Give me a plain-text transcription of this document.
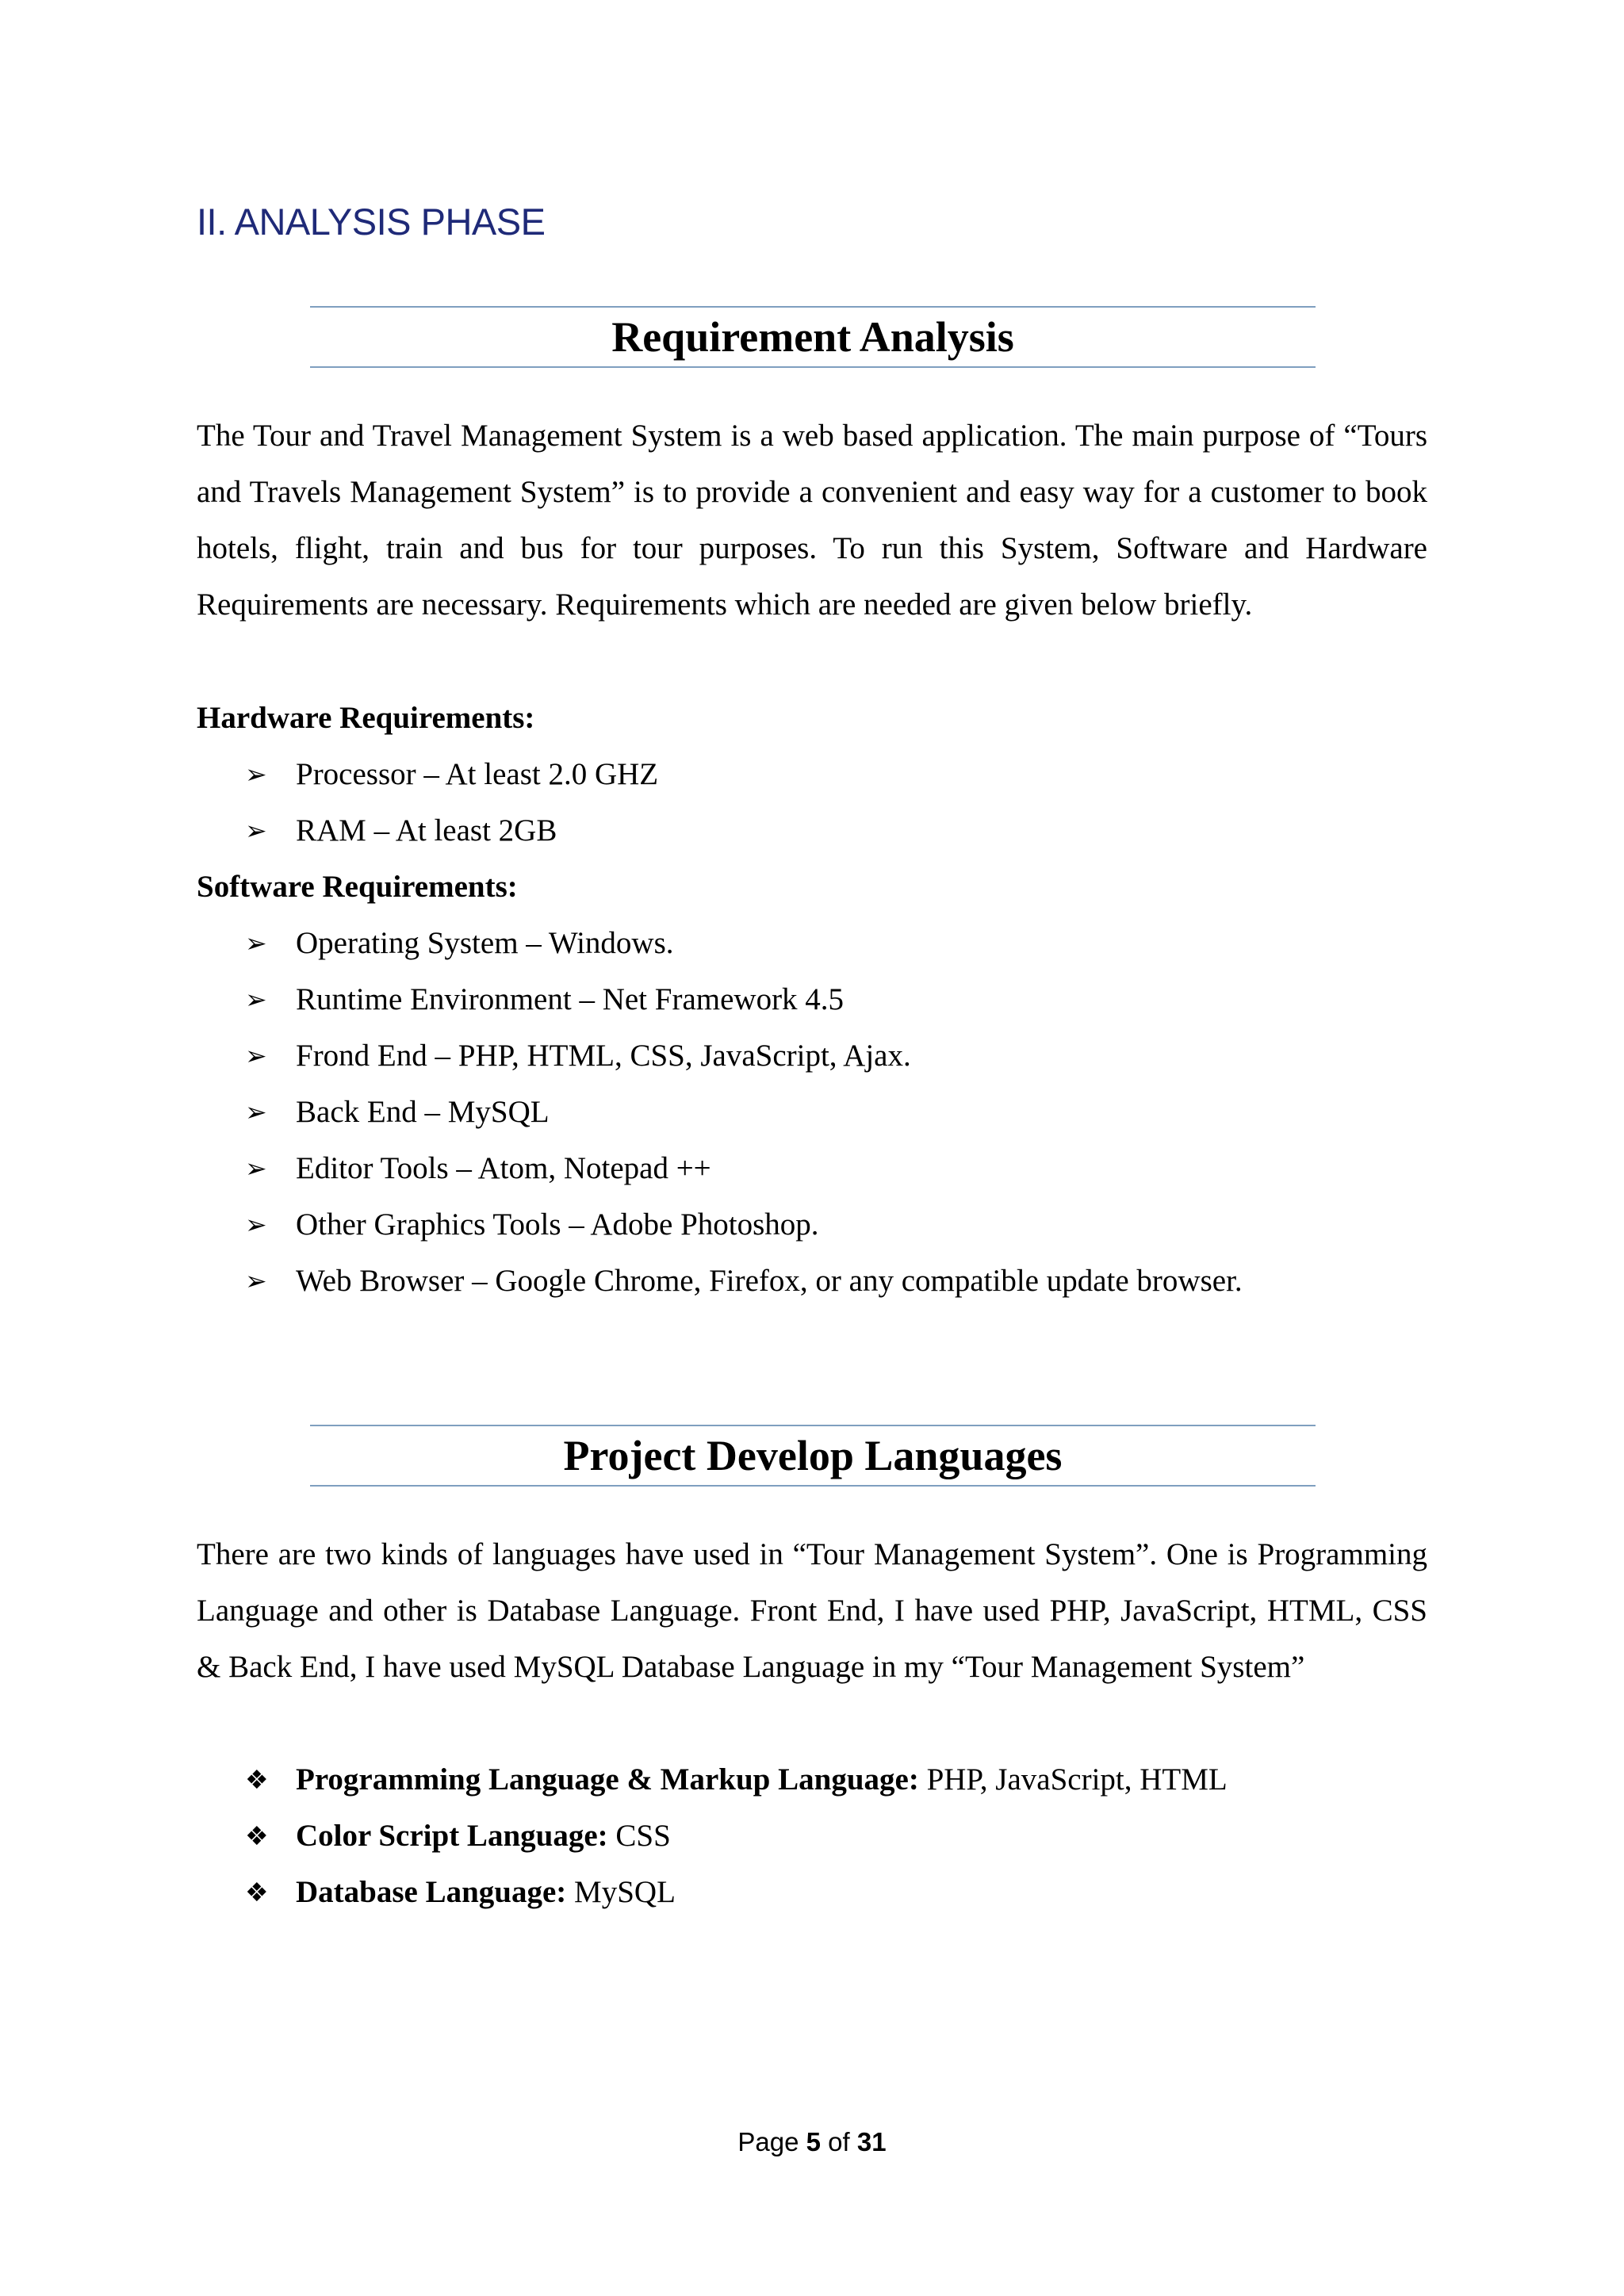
II. ANALYSIS PHASE
Requirement Analysis
The Tour and Travel Management System is a web based application. The main purpose of “Tours and Travels Management System” is to provide a convenient and easy way for a customer to book hotels, flight, train and bus for tour purposes. To run this System, Software and Hardware Requirements are necessary. Requirements which are needed are given below briefly.
Hardware Requirements:
➢ Processor – At least 2.0 GHZ
➢ RAM – At least 2GB
Software Requirements:
➢ Operating System – Windows.
➢ Runtime Environment – Net Framework 4.5
➢ Frond End – PHP, HTML, CSS, JavaScript, Ajax.
➢ Back End – MySQL
➢ Editor Tools – Atom, Notepad ++
➢ Other Graphics Tools – Adobe Photoshop.
➢ Web Browser – Google Chrome, Firefox, or any compatible update browser.
Project Develop Languages
There are two kinds of languages have used in “Tour Management System”. One is Programming Language and other is Database Language. Front End, I have used PHP, JavaScript, HTML, CSS & Back End, I have used MySQL Database Language in my “Tour Management System”
❖ Programming Language & Markup Language:
PHP, JavaScript, HTML
❖ Color Script Language:
CSS
❖ Database Language:
MySQL
Page 5 of 31
